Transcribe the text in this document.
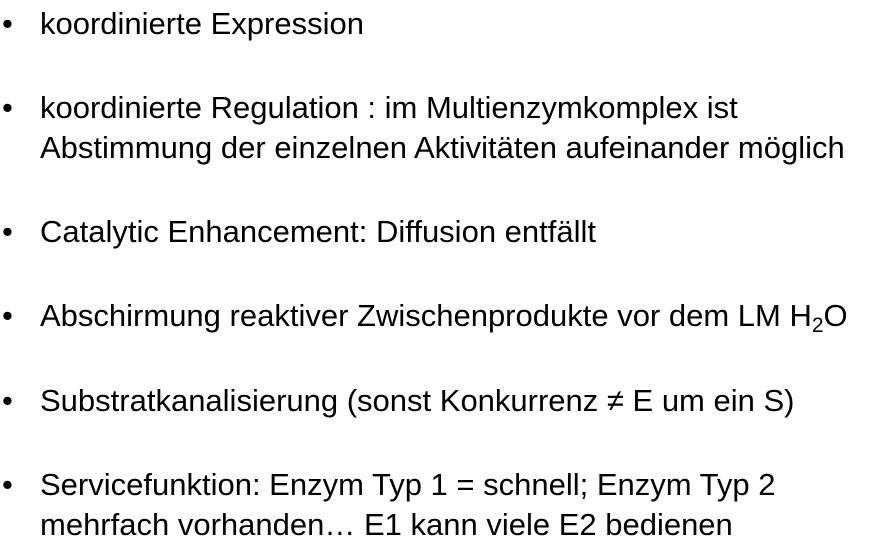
• koordinierte Expression
• koordinierte Regulation : im Multienzymkomplex ist
Abstimmung der einzelnen Aktivitäten aufeinander möglich
• Catalytic Enhancement: Diffusion entfällt
• Abschirmung reaktiver Zwischenprodukte vor dem LM $H_2O$
• Substratkanalisierung (sonst Konkurrenz ≠ E um ein S)
• Servicefunktion: Enzym Typ 1 = schnell; Enzym Typ 2
mehrfach vorhanden… E1 kann viele E2 bedienen
